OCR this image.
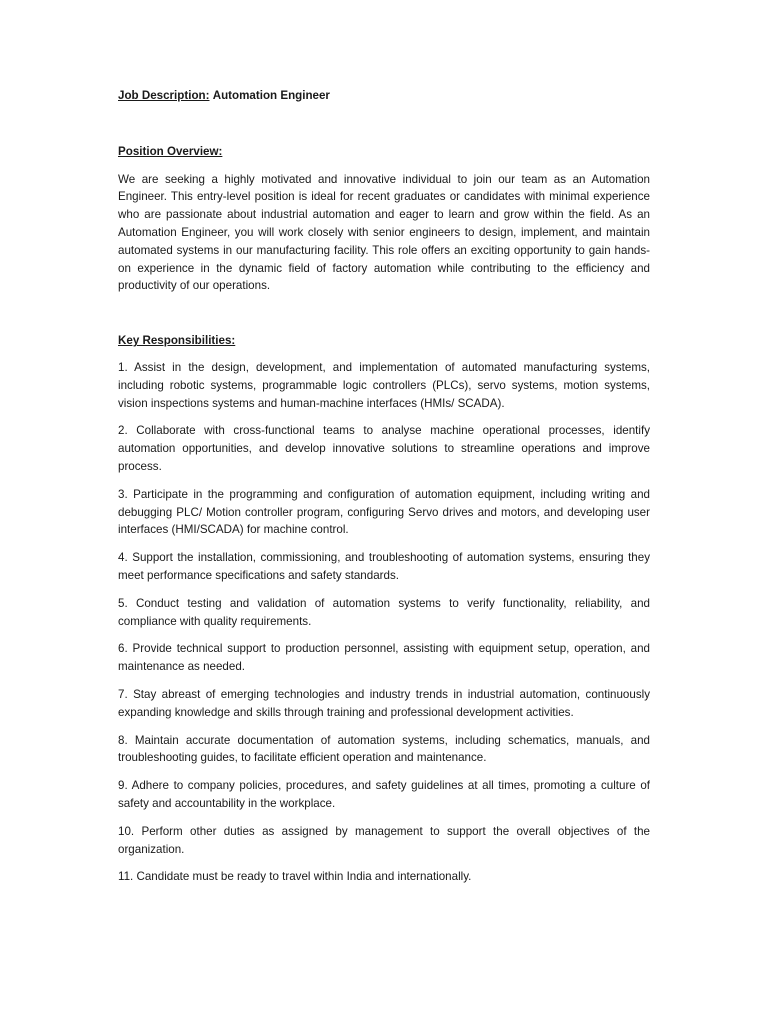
Job Description: Automation Engineer

Position Overview:

We are seeking a highly motivated and innovative individual to join our team as an Automation Engineer. This entry-level position is ideal for recent graduates or candidates with minimal experience who are passionate about industrial automation and eager to learn and grow within the field. As an Automation Engineer, you will work closely with senior engineers to design, implement, and maintain automated systems in our manufacturing facility. This role offers an exciting opportunity to gain hands-on experience in the dynamic field of factory automation while contributing to the efficiency and productivity of our operations.

Key Responsibilities:

1. Assist in the design, development, and implementation of automated manufacturing systems, including robotic systems, programmable logic controllers (PLCs), servo systems, motion systems, vision inspections systems and human-machine interfaces (HMIs/ SCADA).
2. Collaborate with cross-functional teams to analyse machine operational processes, identify automation opportunities, and develop innovative solutions to streamline operations and improve process.
3. Participate in the programming and configuration of automation equipment, including writing and debugging PLC/ Motion controller program, configuring Servo drives and motors, and developing user interfaces (HMI/SCADA) for machine control.
4. Support the installation, commissioning, and troubleshooting of automation systems, ensuring they meet performance specifications and safety standards.
5. Conduct testing and validation of automation systems to verify functionality, reliability, and compliance with quality requirements.
6. Provide technical support to production personnel, assisting with equipment setup, operation, and maintenance as needed.
7. Stay abreast of emerging technologies and industry trends in industrial automation, continuously expanding knowledge and skills through training and professional development activities.
8. Maintain accurate documentation of automation systems, including schematics, manuals, and troubleshooting guides, to facilitate efficient operation and maintenance.
9. Adhere to company policies, procedures, and safety guidelines at all times, promoting a culture of safety and accountability in the workplace.
10. Perform other duties as assigned by management to support the overall objectives of the organization.
11. Candidate must be ready to travel within India and internationally.
